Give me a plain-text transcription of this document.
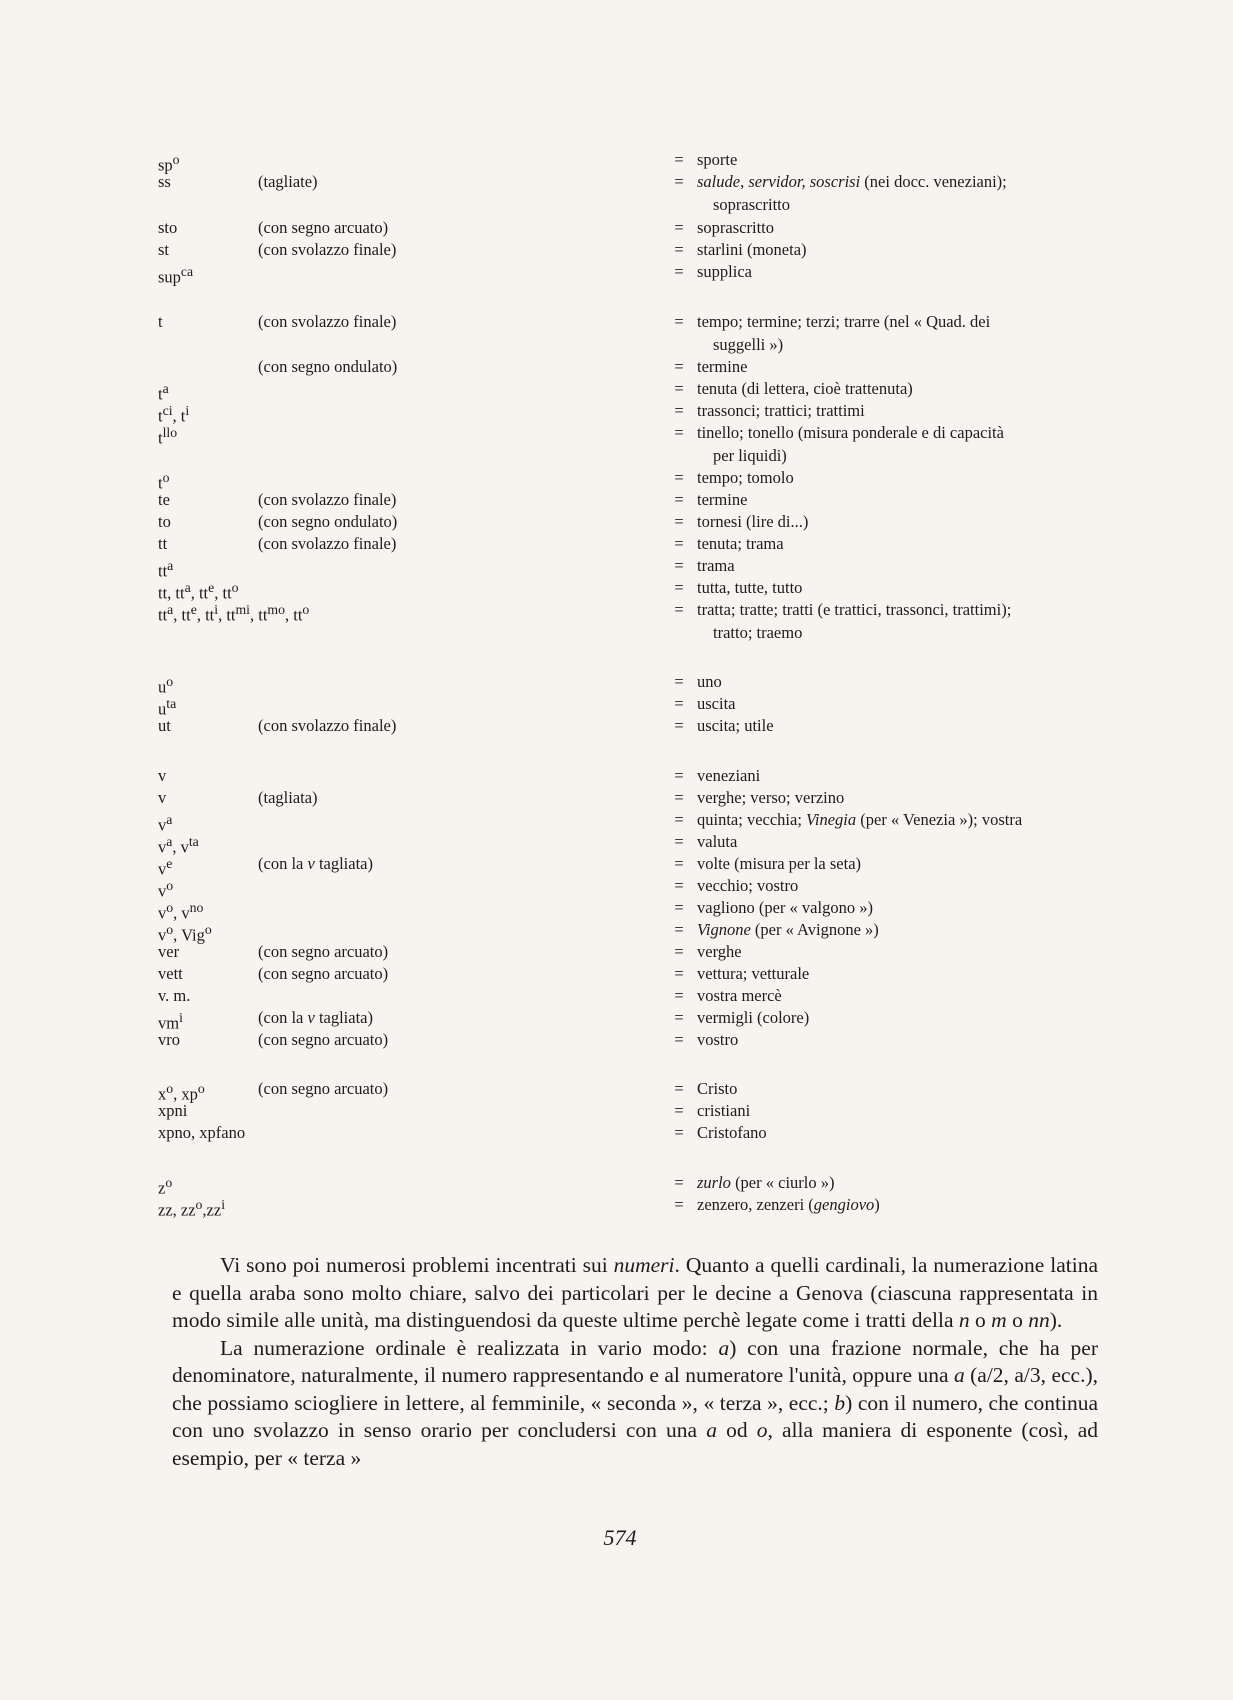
$sp^o$	= sporte
ss	(tagliate)	= salude, servidor, soscrisi (nei docc. veneziani);
soprascritto
sto	(con segno arcuato)	= soprascritto
st	(con svolazzo finale)	= starlini (moneta)
sup$^{ca}$	= supplica
t	(con svolazzo finale)	= tempo; termine; terzi; trarre (nel « Quad. dei
suggelli »)
(con segno ondulato)	= termine
$t^a$	= tenuta (di lettera, cioè trattenuta)
$t^{ci}$, $t^i$	= trassonci; trattici; trattimi
$t^{llo}$	= tinello; tonello (misura ponderale e di capacità
per liquidi)
$t^o$	= tempo; tomolo
te	(con svolazzo finale)	= termine
to	(con segno ondulato)	= tornesi (lire di...)
tt	(con svolazzo finale)	= tenuta; trama
$tt^a$	= trama
tt, $tt^a$, $tt^e$, $tt^o$	= tutta, tutte, tutto
$tt^a$, $tt^e$, $tt^i$, $tt^{mi}$, $tt^{mo}$, $tt^o$	= tratta; tratte; tratti (e trattici, trassonci, trattimi);
tratto; traemo
$u^o$	= uno
$u^{ta}$	= uscita
ut	(con svolazzo finale)	= uscita; utile
v	= veneziani
v	(tagliata)	= verghe; verso; verzino
$v^a$	= quinta; vecchia; Vinegia (per « Venezia »); vostra
$v^a$, $v^{ta}$	= valuta
$v^e$	(con la v tagliata)	= volte (misura per la seta)
$v^o$	= vecchio; vostro
$v^o$, $v^{no}$	= vagliono (per « valgono »)
$v^o$, Vig$^o$	= Vignone (per « Avignone »)
ver	(con segno arcuato)	= verghe
vett	(con segno arcuato)	= vettura; vetturale
v. m.	= vostra mercè
$vm^i$	(con la v tagliata)	= vermigli (colore)
vro	(con segno arcuato)	= vostro
$x^o$, $xp^o$	(con segno arcuato)	= Cristo
xpni	= cristiani
xpno, xpfano	= Cristofano
$z^o$	= zurlo (per « ciurlo »)
zz, $zz^o,zz^i$	= zenzero, zenzeri (gengiovo)

Vi sono poi numerosi problemi incentrati sui numeri. Quanto a quelli cardinali, la numerazione latina e quella araba sono molto chiare, salvo dei particolari per le decine a Genova (ciascuna rappresentata in modo simile alle unità, ma distinguendosi da queste ultime perchè legate come i tratti della n o m o nn).

La numerazione ordinale è realizzata in vario modo: a) con una frazione normale, che ha per denominatore, naturalmente, il numero rappresentando e al numeratore l'unità, oppure una a (a/2, a/3, ecc.), che possiamo sciogliere in lettere, al femminile, « seconda », « terza », ecc.; b) con il numero, che continua con uno svolazzo in senso orario per concludersi con una a od o, alla maniera di esponente (così, ad esempio, per « terza »

574
